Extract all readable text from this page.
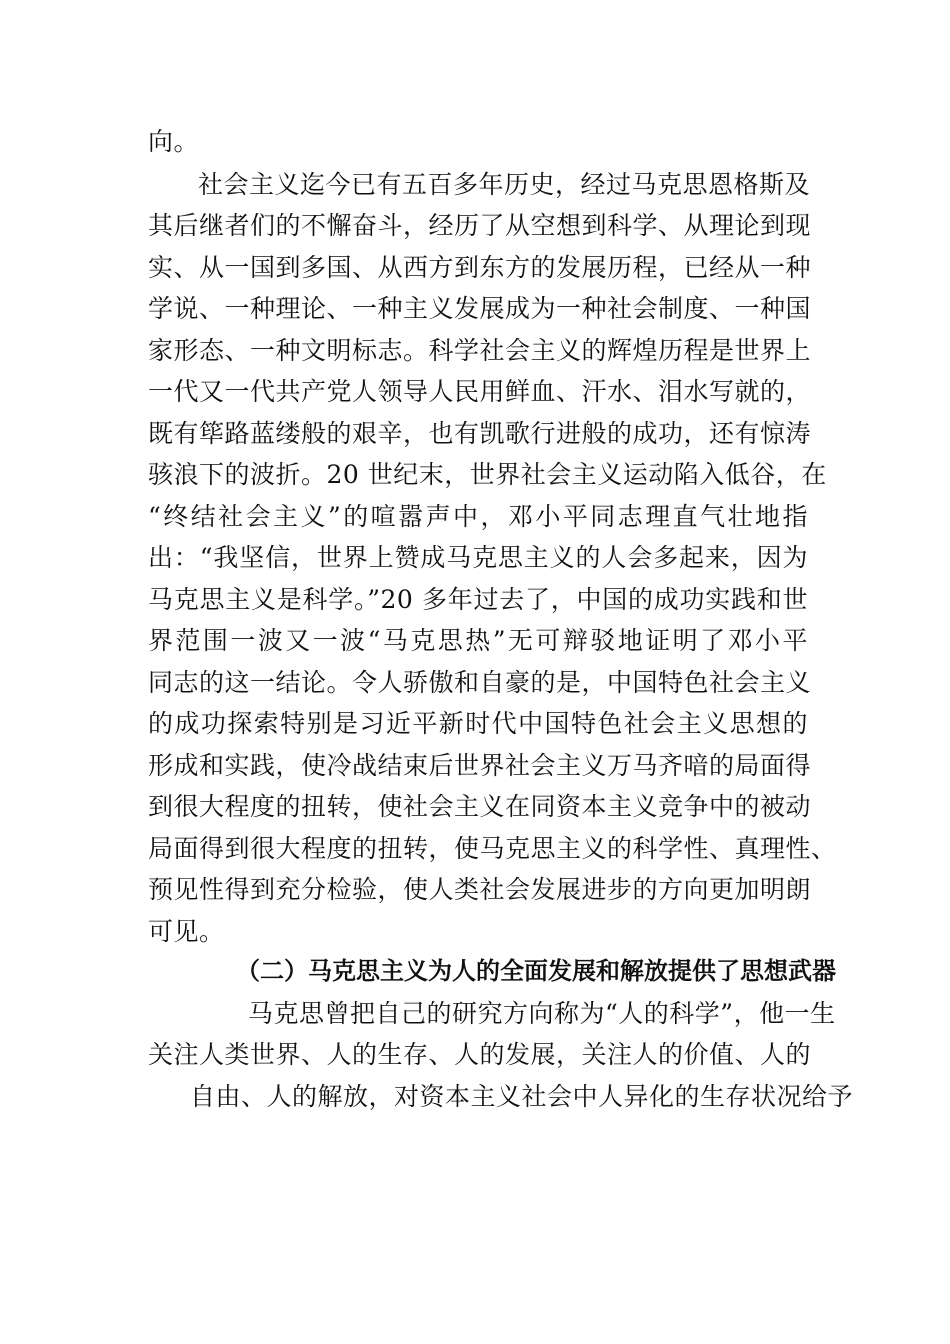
向。
社会主义迄今已有五百多年历史，经过马克思恩格斯及
其后继者们的不懈奋斗，经历了从空想到科学、从理论到现
实、从一国到多国、从西方到东方的发展历程，已经从一种
学说、一种理论、一种主义发展成为一种社会制度、一种国
家形态、一种文明标志。科学社会主义的辉煌历程是世界上
一代又一代共产党人领导人民用鲜血、汗水、泪水写就的，
既有筚路蓝缕般的艰辛，也有凯歌行进般的成功，还有惊涛
骇浪下的波折。20 世纪末，世界社会主义运动陷入低谷，在
“终结社会主义”的喧嚣声中，邓小平同志理直气壮地指
出：“我坚信，世界上赞成马克思主义的人会多起来，因为
马克思主义是科学。”20 多年过去了，中国的成功实践和世
界范围一波又一波“马克思热”无可辩驳地证明了邓小平
同志的这一结论。令人骄傲和自豪的是，中国特色社会主义
的成功探索特别是习近平新时代中国特色社会主义思想的
形成和实践，使冷战结束后世界社会主义万马齐喑的局面得
到很大程度的扭转，使社会主义在同资本主义竞争中的被动
局面得到很大程度的扭转，使马克思主义的科学性、真理性、
预见性得到充分检验，使人类社会发展进步的方向更加明朗
可见。
（二）马克思主义为人的全面发展和解放提供了思想武器
马克思曾把自己的研究方向称为“人的科学”，他一生
关注人类世界、人的生存、人的发展，关注人的价值、人的
自由、人的解放，对资本主义社会中人异化的生存状况给予
